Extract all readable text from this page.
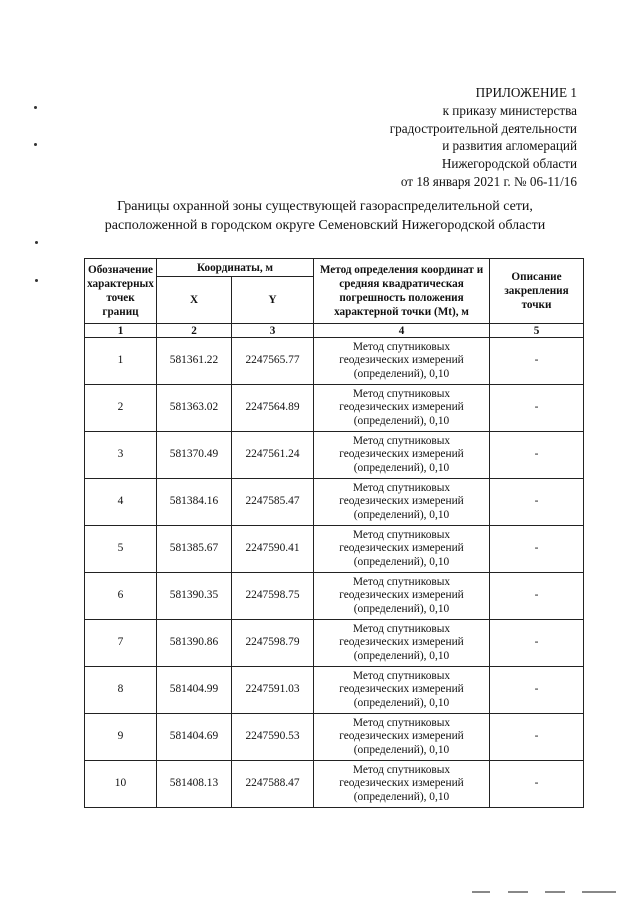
ПРИЛОЖЕНИЕ 1
к приказу министерства
градостроительной деятельности
и развития агломераций
Нижегородской области
от 18 января 2021 г. № 06-11/16
Границы охранной зоны существующей газораспределительной сети,
расположенной в городском округе Семеновский Нижегородской области
Обозначение
характерных
точек
границ	Координаты, м		Метод определения координат и
средняя квадратическая
погрешность положения
характерной точки (Mt), м	Описание
закрепления
точки
	X	Y		
1	2	3	4	5
1	581361.22	2247565.77	Метод спутниковых
геодезических измерений
(определений), 0,10	-
2	581363.02	2247564.89	Метод спутниковых
геодезических измерений
(определений), 0,10	-
3	581370.49	2247561.24	Метод спутниковых
геодезических измерений
(определений), 0,10	-
4	581384.16	2247585.47	Метод спутниковых
геодезических измерений
(определений), 0,10	-
5	581385.67	2247590.41	Метод спутниковых
геодезических измерений
(определений), 0,10	-
6	581390.35	2247598.75	Метод спутниковых
геодезических измерений
(определений), 0,10	-
7	581390.86	2247598.79	Метод спутниковых
геодезических измерений
(определений), 0,10	-
8	581404.99	2247591.03	Метод спутниковых
геодезических измерений
(определений), 0,10	-
9	581404.69	2247590.53	Метод спутниковых
геодезических измерений
(определений), 0,10	-
10	581408.13	2247588.47	Метод спутниковых
геодезических измерений
(определений), 0,10	-
